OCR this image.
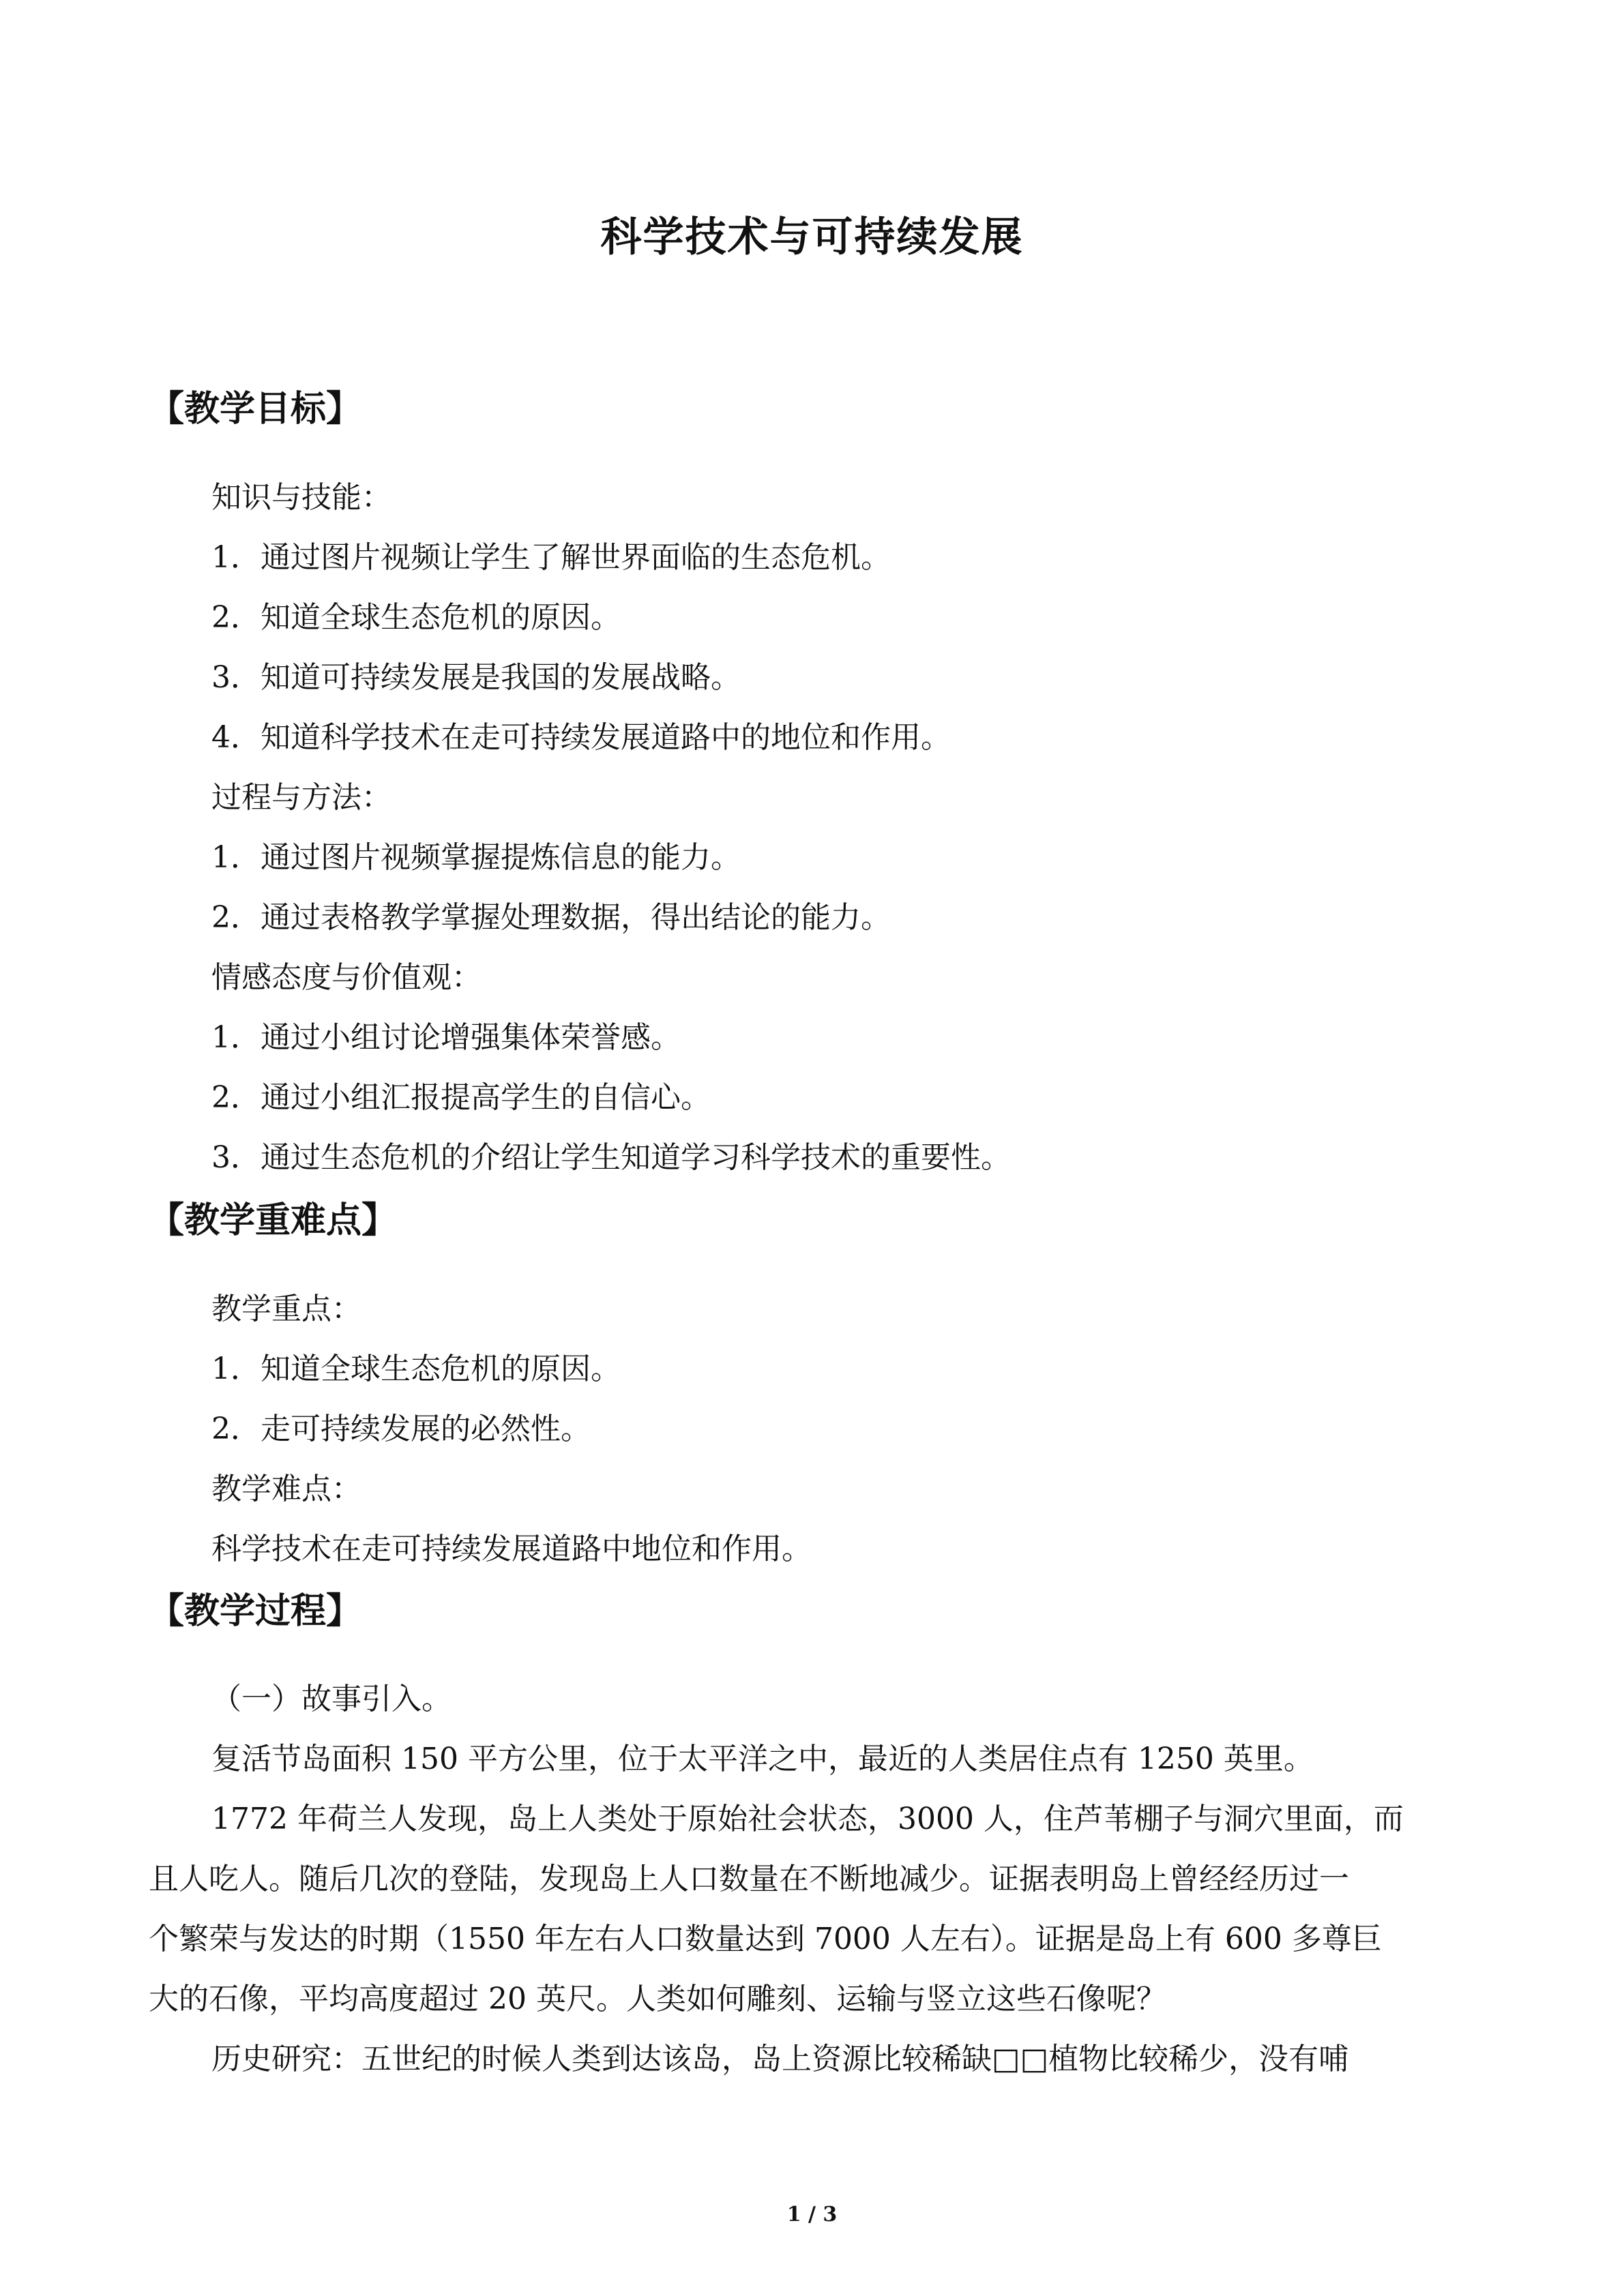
科学技术与可持续发展
【教学目标】
知识与技能：
1．通过图片视频让学生了解世界面临的生态危机。
2．知道全球生态危机的原因。
3．知道可持续发展是我国的发展战略。
4．知道科学技术在走可持续发展道路中的地位和作用。
过程与方法：
1．通过图片视频掌握提炼信息的能力。
2．通过表格教学掌握处理数据，得出结论的能力。
情感态度与价值观：
1．通过小组讨论增强集体荣誉感。
2．通过小组汇报提高学生的自信心。
3．通过生态危机的介绍让学生知道学习科学技术的重要性。
【教学重难点】
教学重点：
1．知道全球生态危机的原因。
2．走可持续发展的必然性。
教学难点：
科学技术在走可持续发展道路中地位和作用。
【教学过程】
（一）故事引入。
复活节岛面积 150 平方公里，位于太平洋之中，最近的人类居住点有 1250 英里。
1772 年荷兰人发现，岛上人类处于原始社会状态，3000 人，住芦苇棚子与洞穴里面，而
且人吃人。随后几次的登陆，发现岛上人口数量在不断地减少。证据表明岛上曾经经历过一
个繁荣与发达的时期（1550 年左右人口数量达到 7000 人左右）。证据是岛上有 600 多尊巨
大的石像，平均高度超过 20 英尺。人类如何雕刻、运输与竖立这些石像呢？
历史研究：五世纪的时候人类到达该岛，岛上资源比较稀缺□□植物比较稀少，没有哺
1 / 3
